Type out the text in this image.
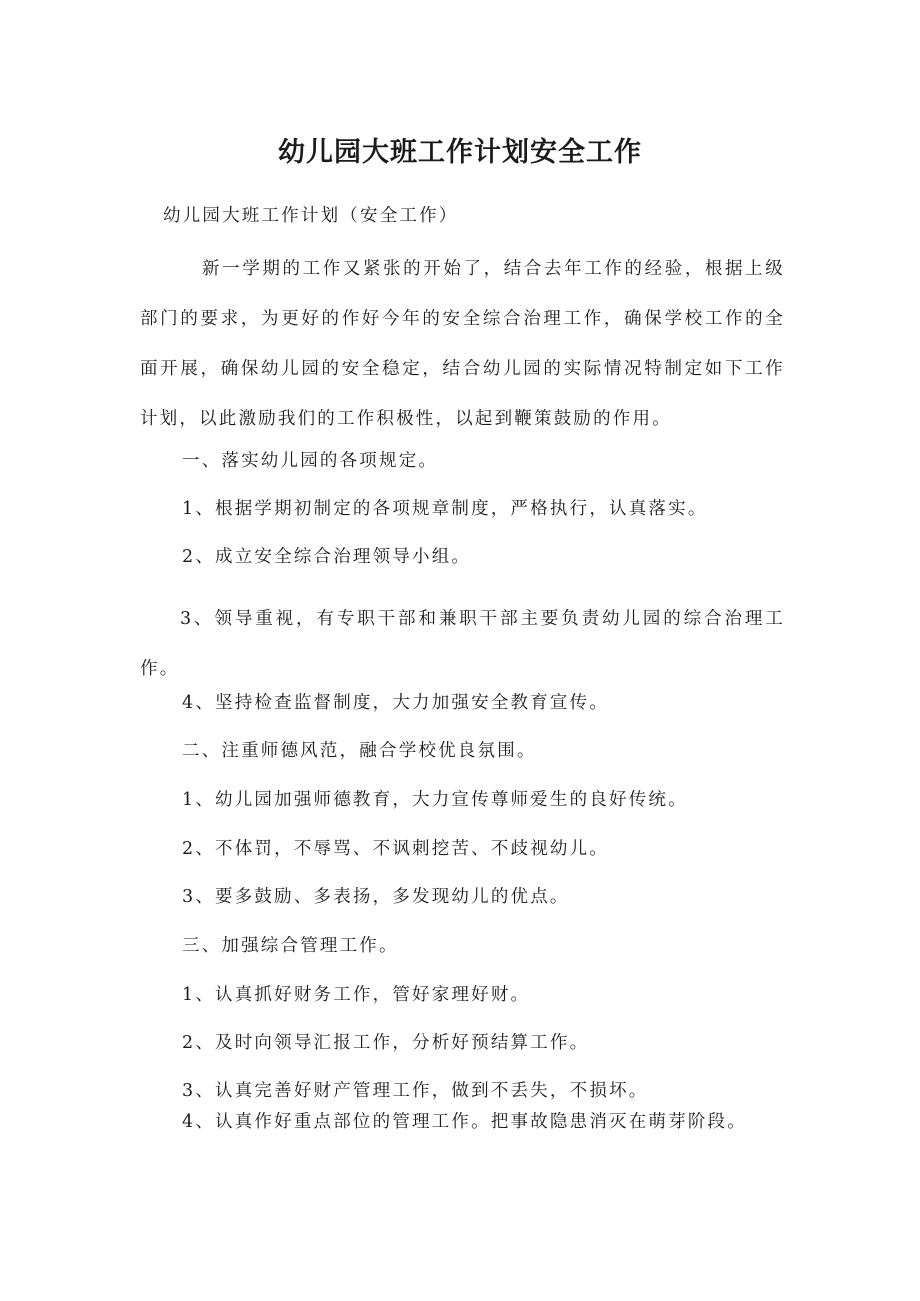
幼儿园大班工作计划安全工作
幼儿园大班工作计划（安全工作）
新一学期的工作又紧张的开始了，结合去年工作的经验，根据上级部门的要求，为更好的作好今年的安全综合治理工作，确保学校工作的全面开展，确保幼儿园的安全稳定，结合幼儿园的实际情况特制定如下工作计划，以此激励我们的工作积极性，以起到鞭策鼓励的作用。
一、落实幼儿园的各项规定。
1、根据学期初制定的各项规章制度，严格执行，认真落实。
2、成立安全综合治理领导小组。
3、领导重视，有专职干部和兼职干部主要负责幼儿园的综合治理工作。
4、坚持检查监督制度，大力加强安全教育宣传。
二、注重师德风范，融合学校优良氛围。
1、幼儿园加强师德教育，大力宣传尊师爱生的良好传统。
2、不体罚，不辱骂、不讽刺挖苦、不歧视幼儿。
3、要多鼓励、多表扬，多发现幼儿的优点。
三、加强综合管理工作。
1、认真抓好财务工作，管好家理好财。
2、及时向领导汇报工作，分析好预结算工作。
3、认真完善好财产管理工作，做到不丢失，不损坏。
4、认真作好重点部位的管理工作。把事故隐患消灭在萌芽阶段。
